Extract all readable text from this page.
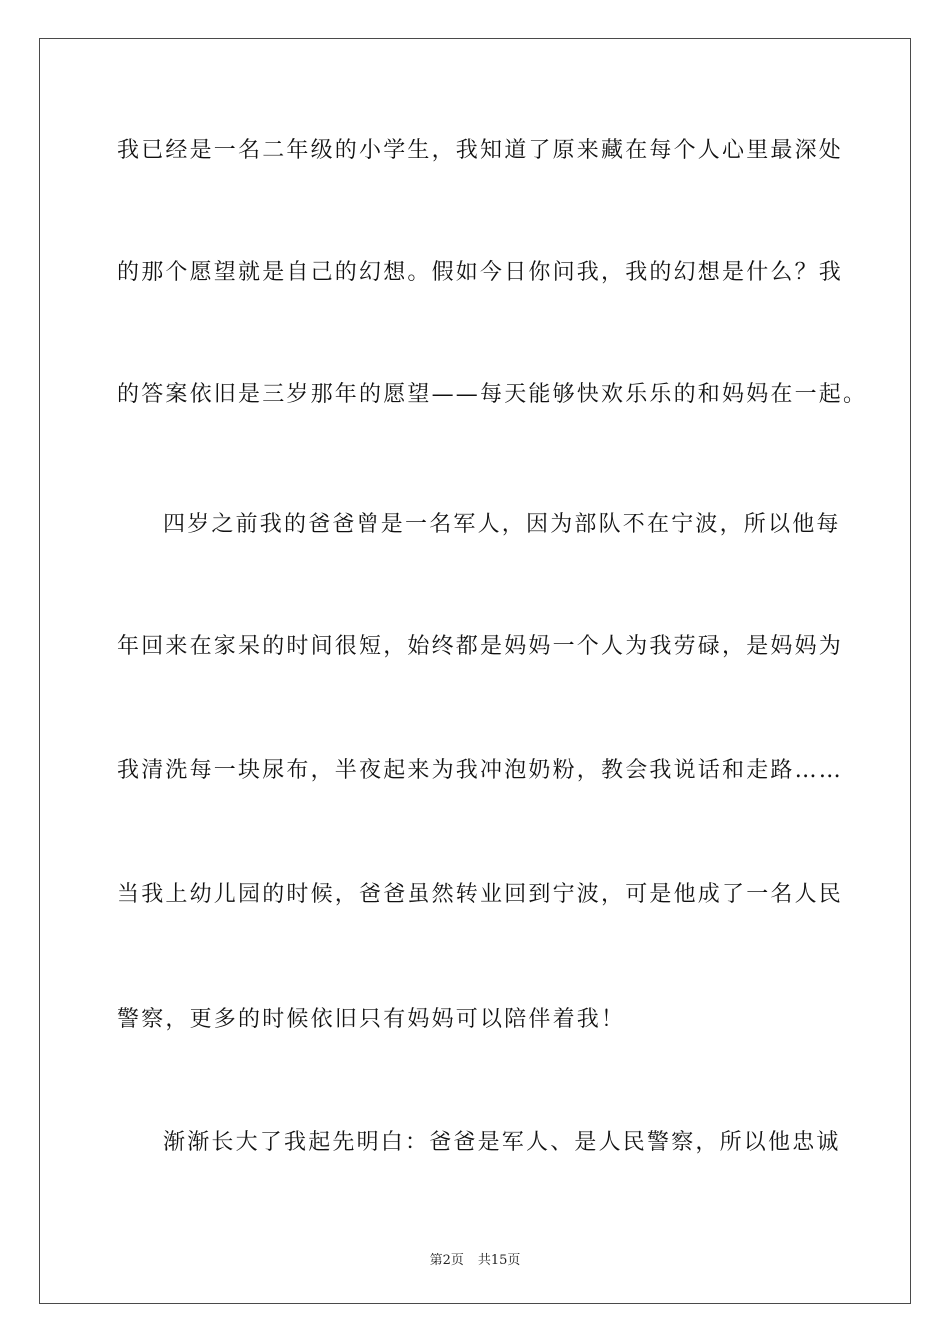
我已经是一名二年级的小学生，我知道了原来藏在每个人心里最深处
的那个愿望就是自己的幻想。假如今日你问我，我的幻想是什么？我
的答案依旧是三岁那年的愿望——每天能够快欢乐乐的和妈妈在一起。
四岁之前我的爸爸曾是一名军人，因为部队不在宁波，所以他每
年回来在家呆的时间很短，始终都是妈妈一个人为我劳碌，是妈妈为
我清洗每一块尿布，半夜起来为我冲泡奶粉，教会我说话和走路……
当我上幼儿园的时候，爸爸虽然转业回到宁波，可是他成了一名人民
警察，更多的时候依旧只有妈妈可以陪伴着我！
渐渐长大了我起先明白：爸爸是军人、是人民警察，所以他忠诚
第2页 共15页
